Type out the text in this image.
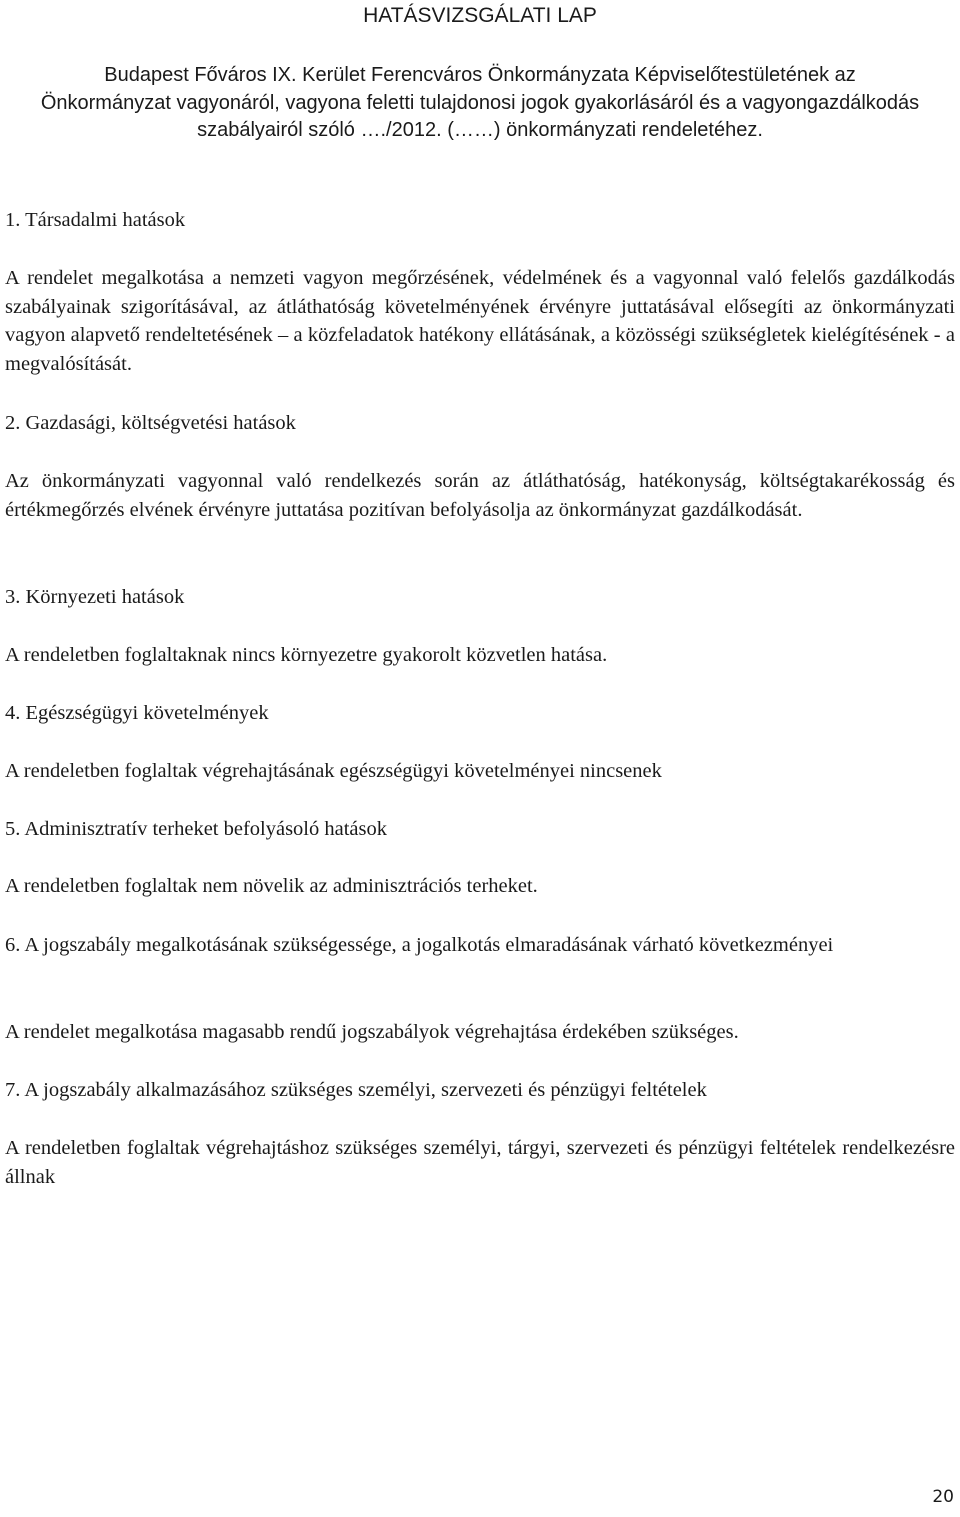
HATÁSVIZSGÁLATI LAP

Budapest Főváros IX. Kerület Ferencváros Önkormányzata Képviselőtestületének az Önkormányzat vagyonáról, vagyona feletti tulajdonosi jogok gyakorlásáról és a vagyongazdálkodás szabályairól szóló …./2012. (……) önkormányzati rendeletéhez.

1. Társadalmi hatások

A rendelet megalkotása a nemzeti vagyon megőrzésének, védelmének és a vagyonnal való felelős gazdálkodás szabályainak szigorításával, az átláthatóság követelményének érvényre juttatásával elősegíti az önkormányzati vagyon alapvető rendeltetésének – a közfeladatok hatékony ellátásának, a közösségi szükségletek kielégítésének - a megvalósítását.

2. Gazdasági, költségvetési hatások

Az önkormányzati vagyonnal való rendelkezés során az átláthatóság, hatékonyság, költségtakarékosság és értékmegőrzés elvének érvényre juttatása pozitívan befolyásolja az önkormányzat gazdálkodását.

3. Környezeti hatások

A rendeletben foglaltaknak nincs környezetre gyakorolt közvetlen hatása.

4. Egészségügyi követelmények

A rendeletben foglaltak végrehajtásának egészségügyi követelményei nincsenek

5. Adminisztratív terheket befolyásoló hatások

A rendeletben foglaltak nem növelik az adminisztrációs terheket.

6. A jogszabály megalkotásának szükségessége, a jogalkotás elmaradásának várható következményei

A rendelet megalkotása magasabb rendű jogszabályok végrehajtása érdekében szükséges.

7. A jogszabály alkalmazásához szükséges személyi, szervezeti és pénzügyi feltételek

A rendeletben foglaltak végrehajtáshoz szükséges személyi, tárgyi, szervezeti és pénzügyi feltételek rendelkezésre állnak

20
